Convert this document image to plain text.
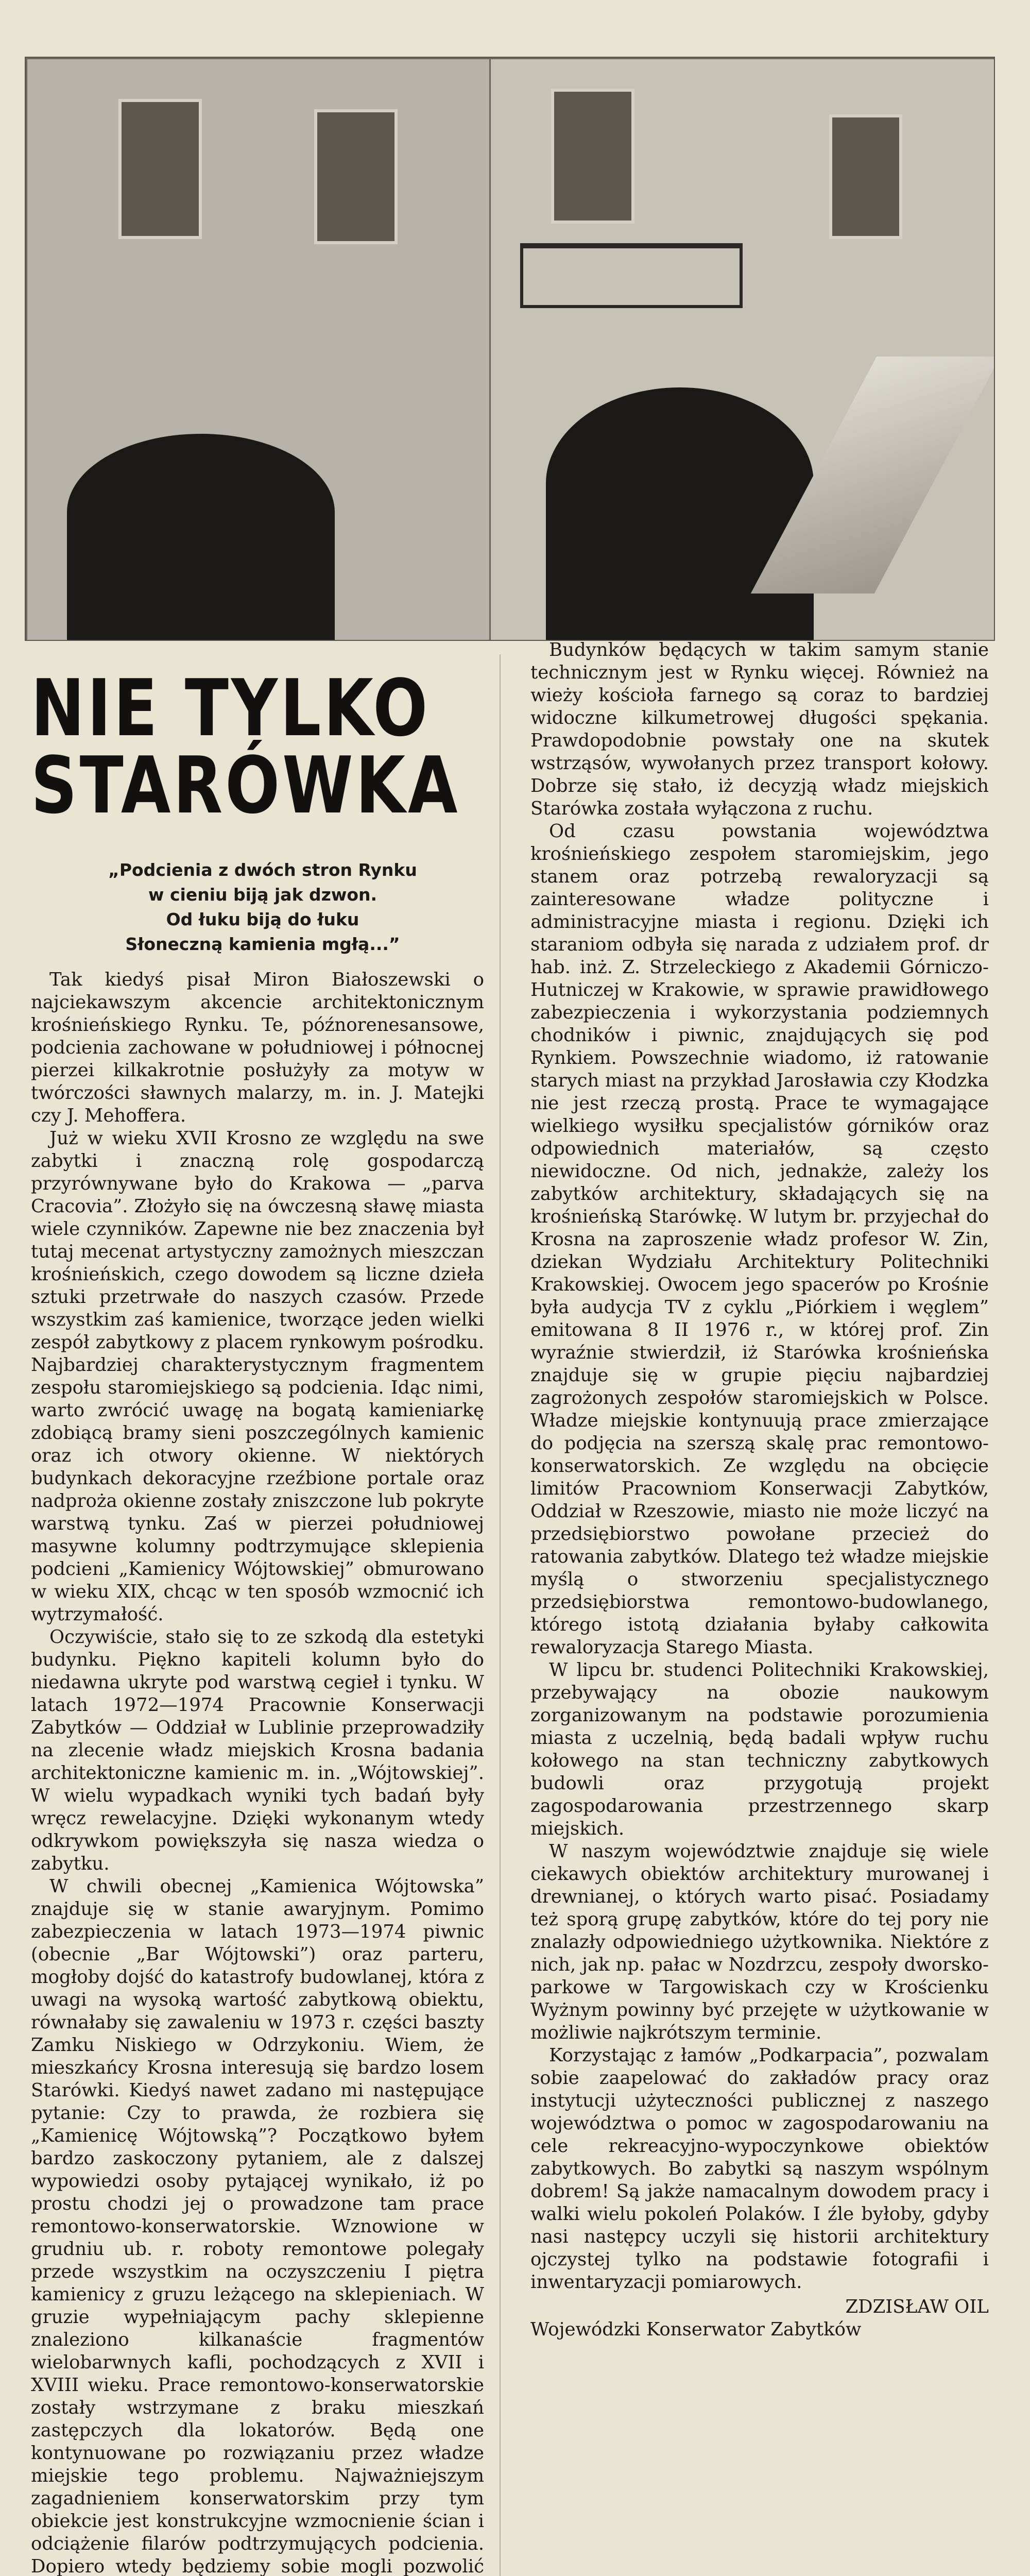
NIE TYLKO
STARÓWKA
„Podcienia z dwóch stron Rynku
w cieniu biją jak dzwon.
Od łuku biją do łuku
Słoneczną kamienia mgłą...”

Tak kiedyś pisał Miron Białoszewski o najciekawszym akcencie architektonicznym krośnieńskiego Rynku. Te, późnorenesansowe, podcienia zachowane w południowej i północnej pierzei kilkakrotnie posłużyły za motyw w twórczości sławnych malarzy, m. in. J. Matejki czy J. Mehoffera.

Już w wieku XVII Krosno ze względu na swe zabytki i znaczną rolę gospodarczą przyrównywane było do Krakowa — „parva Cracovia”. Złożyło się na ówczesną sławę miasta wiele czynników. Zapewne nie bez znaczenia był tutaj mecenat artystyczny zamożnych mieszczan krośnieńskich, czego dowodem są liczne dzieła sztuki przetrwałe do naszych czasów. Przede wszystkim zaś kamienice, tworzące jeden wielki zespół zabytkowy z placem rynkowym pośrodku. Najbardziej charakterystycznym fragmentem zespołu staromiejskiego są podcienia. Idąc nimi, warto zwrócić uwagę na bogatą kamieniarkę zdobiącą bramy sieni poszczególnych kamienic oraz ich otwory okienne. W niektórych budynkach dekoracyjne rzeźbione portale oraz nadproża okienne zostały zniszczone lub pokryte warstwą tynku. Zaś w pierzei południowej masywne kolumny podtrzymujące sklepienia podcieni „Kamienicy Wójtowskiej” obmurowano w wieku XIX, chcąc w ten sposób wzmocnić ich wytrzymałość.

Oczywiście, stało się to ze szkodą dla estetyki budynku. Piękno kapiteli kolumn było do niedawna ukryte pod warstwą cegieł i tynku. W latach 1972—1974 Pracownie Konserwacji Zabytków — Oddział w Lublinie przeprowadziły na zlecenie władz miejskich Krosna badania architektoniczne kamienic m. in. „Wójtowskiej”. W wielu wypadkach wyniki tych badań były wręcz rewelacyjne. Dzięki wykonanym wtedy odkrywkom powiększyła się nasza wiedza o zabytku.

W chwili obecnej „Kamienica Wójtowska” znajduje się w stanie awaryjnym. Pomimo zabezpieczenia w latach 1973—1974 piwnic (obecnie „Bar Wójtowski”) oraz parteru, mogłoby dojść do katastrofy budowlanej, która z uwagi na wysoką wartość zabytkową obiektu, równałaby się zawaleniu w 1973 r. części baszty Zamku Niskiego w Odrzykoniu. Wiem, że mieszkańcy Krosna interesują się bardzo losem Starówki. Kiedyś nawet zadano mi następujące pytanie: Czy to prawda, że rozbiera się „Kamienicę Wójtowską”? Początkowo byłem bardzo zaskoczony pytaniem, ale z dalszej wypowiedzi osoby pytającej wynikało, iż po prostu chodzi jej o prowadzone tam prace remontowo-konserwatorskie. Wznowione w grudniu ub. r. roboty remontowe polegały przede wszystkim na oczyszczeniu I piętra kamienicy z gruzu leżącego na sklepieniach. W gruzie wypełniającym pachy sklepienne znaleziono kilkanaście fragmentów wielobarwnych kafli, pochodzących z XVII i XVIII wieku. Prace remontowo-konserwatorskie zostały wstrzymane z braku mieszkań zastępczych dla lokatorów. Będą one kontynuowane po rozwiązaniu przez władze miejskie tego problemu. Najważniejszym zagadnieniem konserwatorskim przy tym obiekcie jest konstrukcyjne wzmocnienie ścian i odciążenie filarów podtrzymujących podcienia. Dopiero wtedy będziemy sobie mogli pozwolić

Budynków będących w takim samym stanie technicznym jest w Rynku więcej. Również na wieży kościoła farnego są coraz to bardziej widoczne kilkumetrowej długości spękania. Prawdopodobnie powstały one na skutek wstrząsów, wywołanych przez transport kołowy. Dobrze się stało, iż decyzją władz miejskich Starówka została wyłączona z ruchu.

Od czasu powstania województwa krośnieńskiego zespołem staromiejskim, jego stanem oraz potrzebą rewaloryzacji są zainteresowane władze polityczne i administracyjne miasta i regionu. Dzięki ich staraniom odbyła się narada z udziałem prof. dr hab. inż. Z. Strzeleckiego z Akademii Górniczo-Hutniczej w Krakowie, w sprawie prawidłowego zabezpieczenia i wykorzystania podziemnych chodników i piwnic, znajdujących się pod Rynkiem. Powszechnie wiadomo, iż ratowanie starych miast na przykład Jarosławia czy Kłodzka nie jest rzeczą prostą. Prace te wymagające wielkiego wysiłku specjalistów górników oraz odpowiednich materiałów, są często niewidoczne. Od nich, jednakże, zależy los zabytków architektury, składających się na krośnieńską Starówkę. W lutym br. przyjechał do Krosna na zaproszenie władz profesor W. Zin, dziekan Wydziału Architektury Politechniki Krakowskiej. Owocem jego spacerów po Krośnie była audycja TV z cyklu „Piórkiem i węglem” emitowana 8 II 1976 r., w której prof. Zin wyraźnie stwierdził, iż Starówka krośnieńska znajduje się w grupie pięciu najbardziej zagrożonych zespołów staromiejskich w Polsce. Władze miejskie kontynuują prace zmierzające do podjęcia na szerszą skalę prac remontowo-konserwatorskich. Ze względu na obcięcie limitów Pracowniom Konserwacji Zabytków, Oddział w Rzeszowie, miasto nie może liczyć na przedsiębiorstwo powołane przecież do ratowania zabytków. Dlatego też władze miejskie myślą o stworzeniu specjalistycznego przedsiębiorstwa remontowo-budowlanego, którego istotą działania byłaby całkowita rewaloryzacja Starego Miasta.

W lipcu br. studenci Politechniki Krakowskiej, przebywający na obozie naukowym zorganizowanym na podstawie porozumienia miasta z uczelnią, będą badali wpływ ruchu kołowego na stan techniczny zabytkowych budowli oraz przygotują projekt zagospodarowania przestrzennego skarp miejskich.

W naszym województwie znajduje się wiele ciekawych obiektów architektury murowanej i drewnianej, o których warto pisać. Posiadamy też sporą grupę zabytków, które do tej pory nie znalazły odpowiedniego użytkownika. Niektóre z nich, jak np. pałac w Nozdrzcu, zespoły dworsko-parkowe w Targowiskach czy w Krościenku Wyżnym powinny być przejęte w użytkowanie w możliwie najkrótszym terminie.

Korzystając z łamów „Podkarpacia”, pozwalam sobie zaapelować do zakładów pracy oraz instytucji użyteczności publicznej z naszego województwa o pomoc w zagospodarowaniu na cele rekreacyjno-wypoczynkowe obiektów zabytkowych. Bo zabytki są naszym wspólnym dobrem! Są jakże namacalnym dowodem pracy i walki wielu pokoleń Polaków. I źle byłoby, gdyby nasi następcy uczyli się historii architektury ojczystej tylko na podstawie fotografii i inwentaryzacji pomiarowych.

ZDZISŁAW OIL
Wojewódzki Konserwator Zabytków
